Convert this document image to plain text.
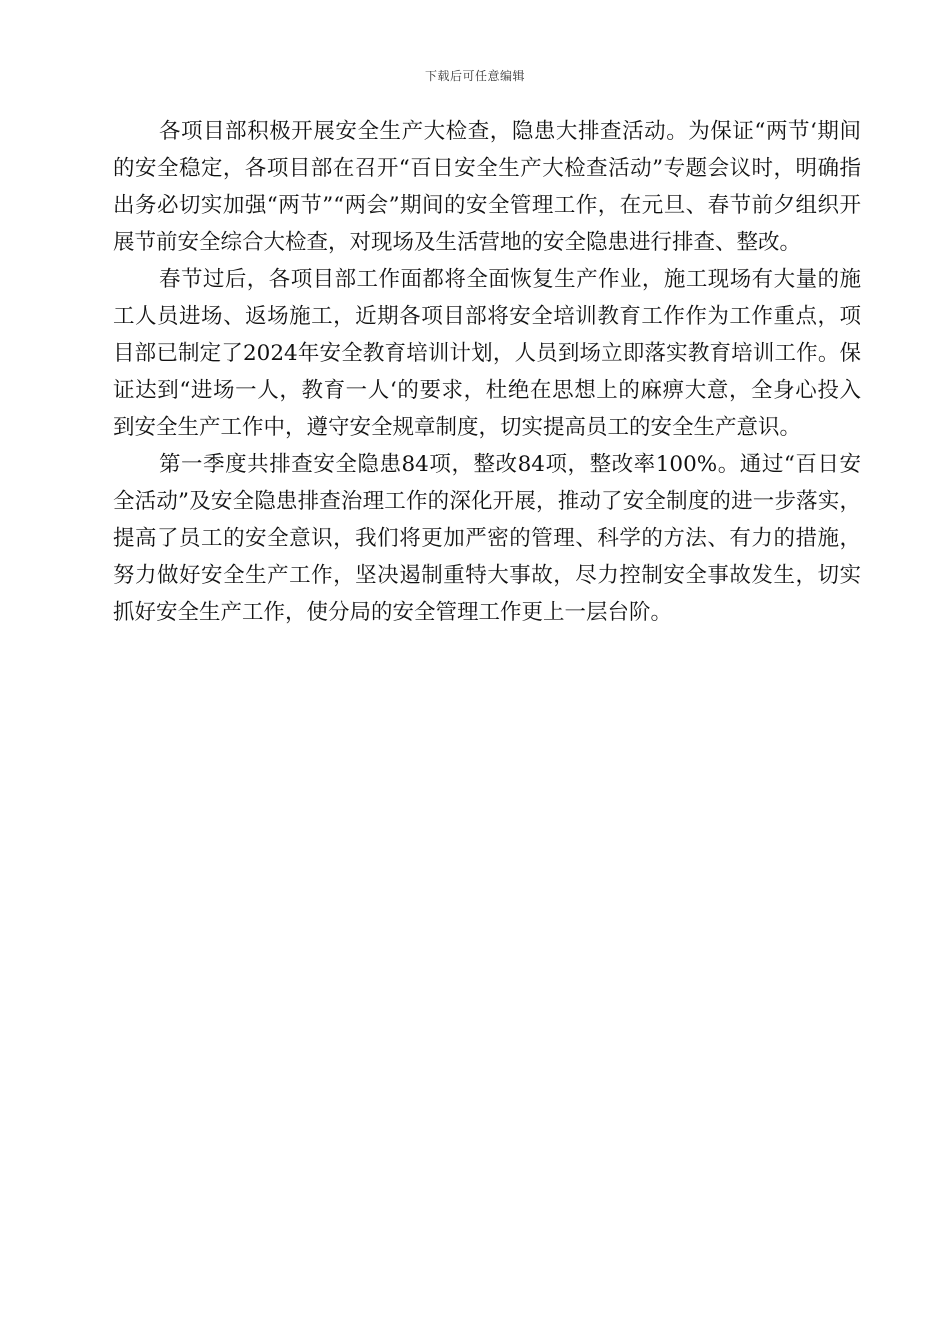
下载后可任意编辑

各项目部积极开展安全生产大检查，隐患大排查活动。为保证“两节‘期间的安全稳定，各项目部在召开“百日安全生产大检查活动”专题会议时，明确指出务必切实加强“两节”“两会”期间的安全管理工作，在元旦、春节前夕组织开展节前安全综合大检查，对现场及生活营地的安全隐患进行排查、整改。

春节过后，各项目部工作面都将全面恢复生产作业，施工现场有大量的施工人员进场、返场施工，近期各项目部将安全培训教育工作作为工作重点，项目部已制定了2024年安全教育培训计划，人员到场立即落实教育培训工作。保证达到“进场一人，教育一人‘的要求，杜绝在思想上的麻痹大意，全身心投入到安全生产工作中，遵守安全规章制度，切实提高员工的安全生产意识。

第一季度共排查安全隐患84项，整改84项，整改率100%。通过“百日安全活动”及安全隐患排查治理工作的深化开展，推动了安全制度的进一步落实，提高了员工的安全意识，我们将更加严密的管理、科学的方法、有力的措施，努力做好安全生产工作，坚决遏制重特大事故，尽力控制安全事故发生，切实抓好安全生产工作，使分局的安全管理工作更上一层台阶。
